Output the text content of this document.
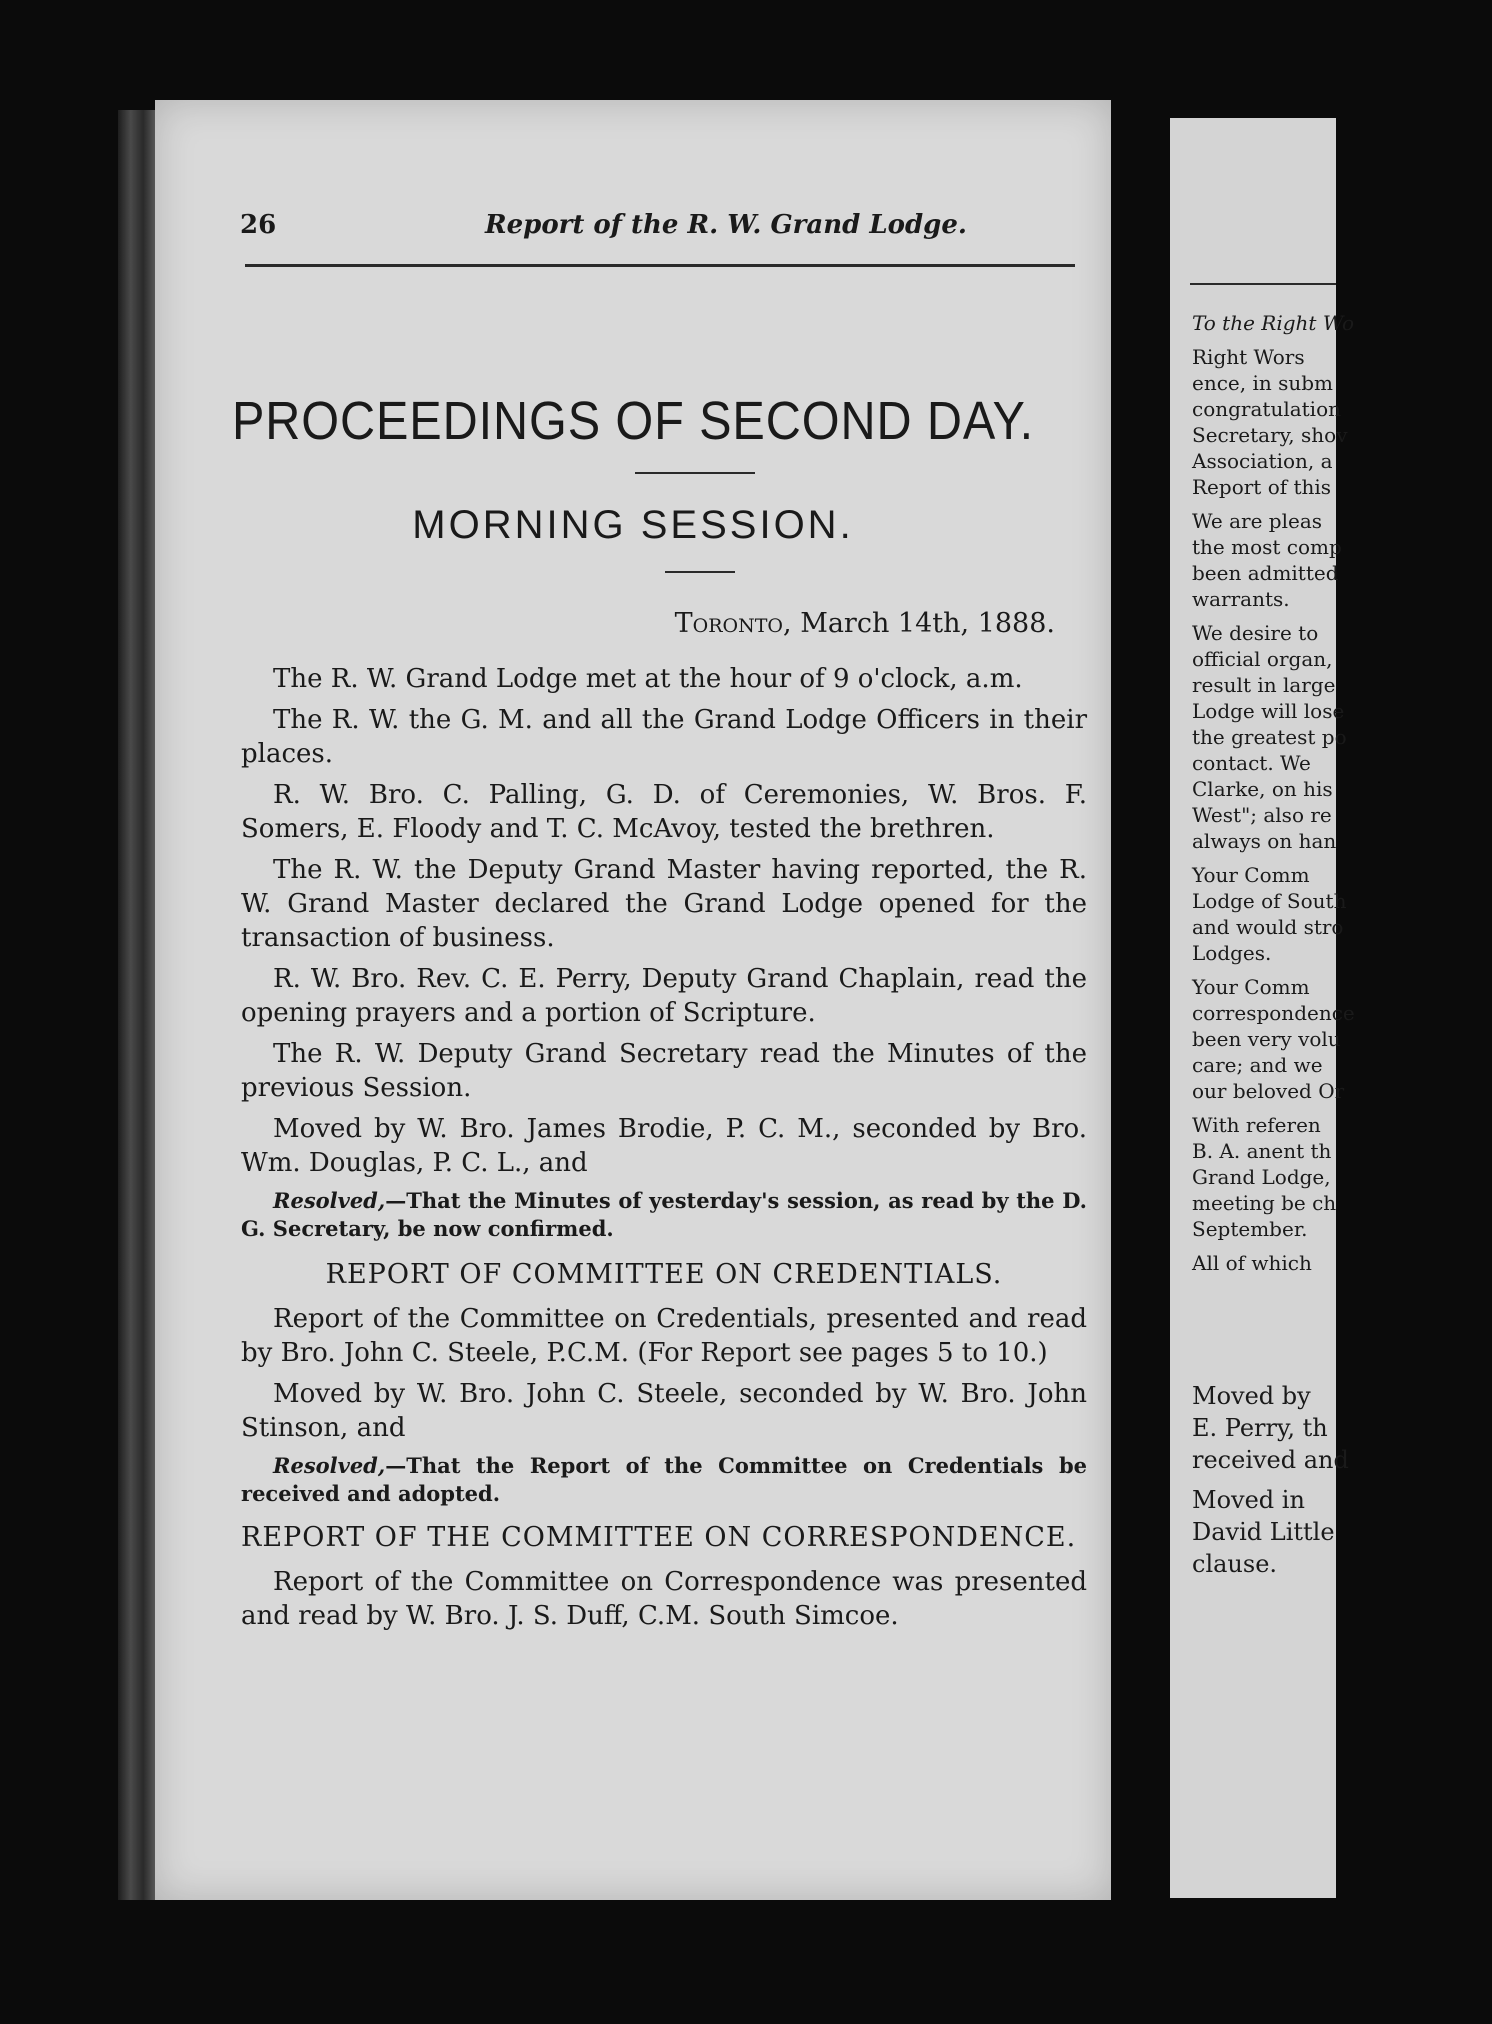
26	Report of the R. W. Grand Lodge.
PROCEEDINGS OF SECOND DAY.
MORNING SESSION.
Toronto, March 14th, 1888.

The R. W. Grand Lodge met at the hour of 9 o'clock, a.m.

The R. W. the G. M. and all the Grand Lodge Officers in their places.

R. W. Bro. C. Palling, G. D. of Ceremonies, W. Bros. F. Somers, E. Floody and T. C. McAvoy, tested the brethren.

The R. W. the Deputy Grand Master having reported, the R. W. Grand Master declared the Grand Lodge opened for the transaction of business.

R. W. Bro. Rev. C. E. Perry, Deputy Grand Chaplain, read the opening prayers and a portion of Scripture.

The R. W. Deputy Grand Secretary read the Minutes of the previous Session.

Moved by W. Bro. James Brodie, P. C. M., seconded by Bro. Wm. Douglas, P. C. L., and

Resolved,—That the Minutes of yesterday's session, as read by the D. G. Secretary, be now confirmed.

REPORT OF COMMITTEE ON CREDENTIALS.

Report of the Committee on Credentials, presented and read by Bro. John C. Steele, P.C.M. (For Report see pages 5 to 10.)

Moved by W. Bro. John C. Steele, seconded by W. Bro. John Stinson, and

Resolved,—That the Report of the Committee on Credentials be received and adopted.

REPORT OF THE COMMITTEE ON CORRESPONDENCE.

Report of the Committee on Correspondence was presented and read by W. Bro. J. S. Duff, C.M. South Simcoe.

To the Right Wo
Right Wors
ence, in subm
congratulation
Secretary, shov
Association, a
Report of this
We are pleas
the most comp
been admitted
warrants.
We desire to
official organ,
result in large
Lodge will lose
the greatest po
contact. We
Clarke, on his
West"; also re
always on han
Your Comm
Lodge of South
and would stro
Lodges.
Your Comm
correspondence
been very volu
care; and we
our beloved Or
With referen
B. A. anent th
Grand Lodge,
meeting be ch
September.
All of which
Moved by
E. Perry, th
received and
Moved in
David Little
clause.
